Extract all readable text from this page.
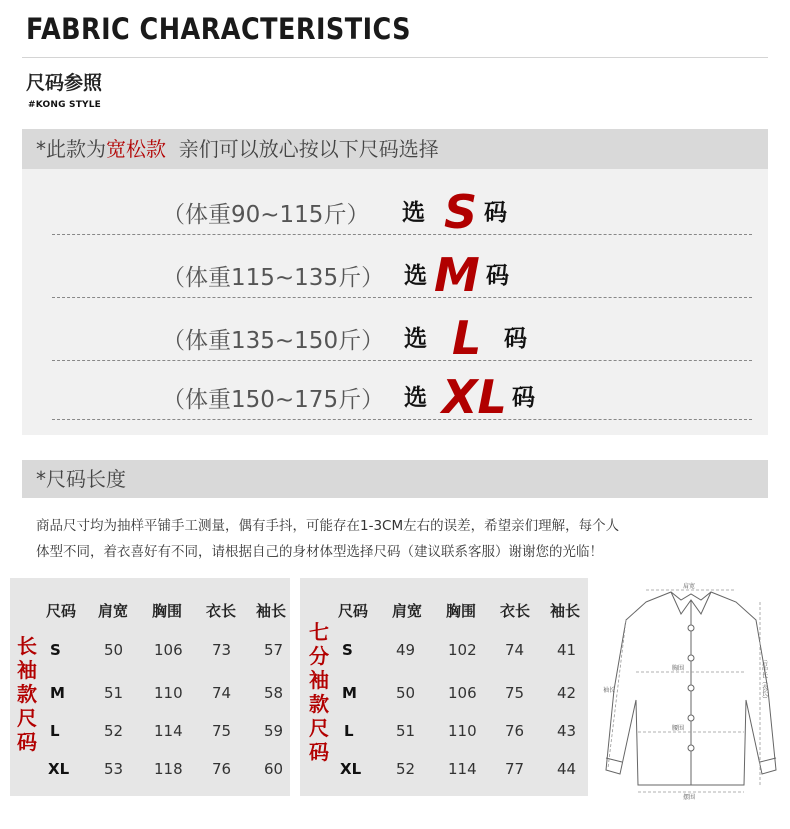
FABRIC CHARACTERISTICS
尺码参照
#KONG STYLE
*此款为宽松款  亲们可以放心按以下尺码选择
（体重90~115斤） 选 S 码
（体重115~135斤） 选 M 码
（体重135~150斤） 选 L 码
（体重150~175斤） 选 XL 码
*尺码长度
商品尺寸均为抽样平铺手工测量，偶有手抖，可能存在1-3CM左右的误差，希望亲们理解，每个人
体型不同，着衣喜好有不同，请根据自己的身材体型选择尺码（建议联系客服）谢谢您的光临！
长
袖
款
尺
码
尺码 肩宽 胸围 衣长 袖长
S	50 106 73 57
M	51 110 74 58
L	52 114 75 59
XL 53 118 76 60
七
分
袖
款
尺
码
尺码 肩宽 胸围 衣长 袖长
S	49 102 74 41
M	50 106 75 42
L	51 110 76 43
XL 52 114 77 44
肩宽
胸围
袖长
腰围
摆围
后中长（衣长）
